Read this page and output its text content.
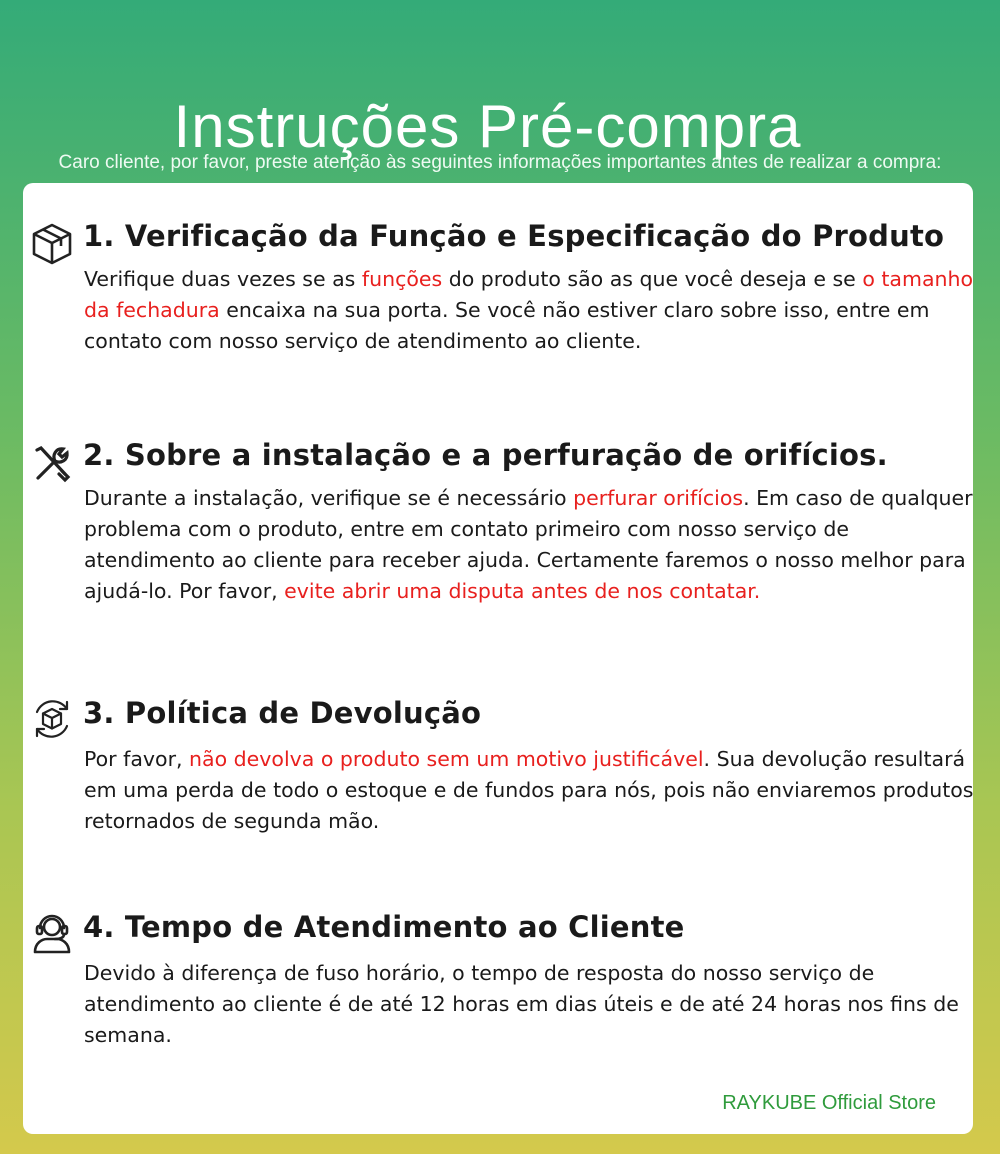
Instruções Pré-compra
Caro cliente, por favor, preste atenção às seguintes informações importantes antes de realizar a compra:
1. Verificação da Função e Especificação do Produto

Verifique duas vezes se as funções do produto são as que você deseja e se o tamanho da fechadura encaixa na sua porta. Se você não estiver claro sobre isso, entre em contato com nosso serviço de atendimento ao cliente.

2. Sobre a instalação e a perfuração de orifícios.

Durante a instalação, verifique se é necessário perfurar orifícios. Em caso de qualquer problema com o produto, entre em contato primeiro com nosso serviço de atendimento ao cliente para receber ajuda. Certamente faremos o nosso melhor para ajudá-lo. Por favor, evite abrir uma disputa antes de nos contatar.

3. Política de Devolução

Por favor, não devolva o produto sem um motivo justificável. Sua devolução resultará em uma perda de todo o estoque e de fundos para nós, pois não enviaremos produtos retornados de segunda mão.

4. Tempo de Atendimento ao Cliente

Devido à diferença de fuso horário, o tempo de resposta do nosso serviço de atendimento ao cliente é de até 12 horas em dias úteis e de até 24 horas nos fins de semana.

RAYKUBE Official Store
